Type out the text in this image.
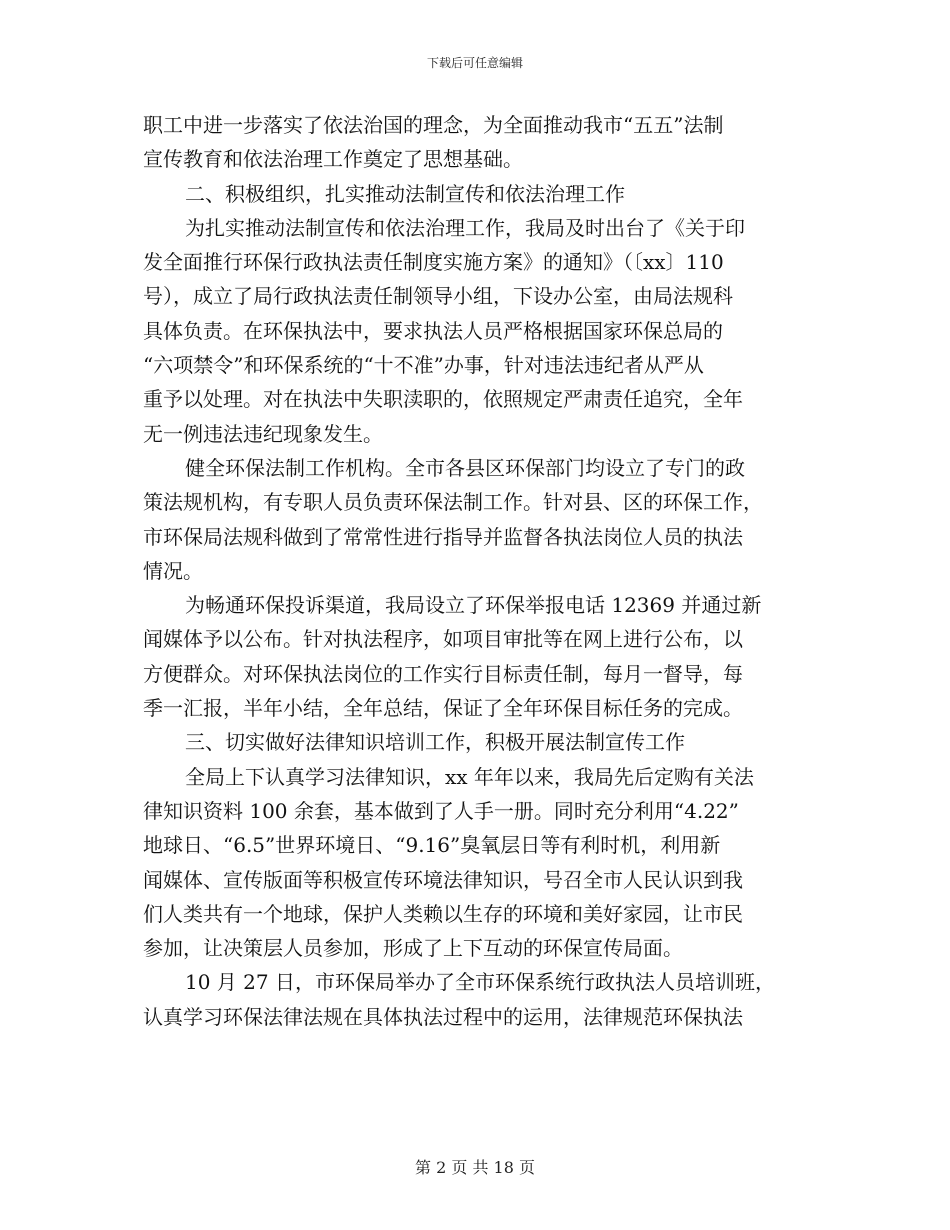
下载后可任意编辑
职工中进一步落实了依法治国的理念，为全面推动我市“五五”法制
宣传教育和依法治理工作奠定了思想基础。
二、积极组织，扎实推动法制宣传和依法治理工作
为扎实推动法制宣传和依法治理工作，我局及时出台了《关于印
发全面推行环保行政执法责任制度实施方案》的通知》（〔xx〕110
号），成立了局行政执法责任制领导小组，下设办公室，由局法规科
具体负责。在环保执法中，要求执法人员严格根据国家环保总局的
“六项禁令”和环保系统的“十不准”办事，针对违法违纪者从严从
重予以处理。对在执法中失职渎职的，依照规定严肃责任追究，全年
无一例违法违纪现象发生。
健全环保法制工作机构。全市各县区环保部门均设立了专门的政
策法规机构，有专职人员负责环保法制工作。针对县、区的环保工作，
市环保局法规科做到了常常性进行指导并监督各执法岗位人员的执法
情况。
为畅通环保投诉渠道，我局设立了环保举报电话 12369 并通过新
闻媒体予以公布。针对执法程序，如项目审批等在网上进行公布，以
方便群众。对环保执法岗位的工作实行目标责任制，每月一督导，每
季一汇报，半年小结，全年总结，保证了全年环保目标任务的完成。
三、切实做好法律知识培训工作，积极开展法制宣传工作
全局上下认真学习法律知识，xx 年年以来，我局先后定购有关法
律知识资料 100 余套，基本做到了人手一册。同时充分利用“4.22”
地球日、“6.5”世界环境日、“9.16”臭氧层日等有利时机，利用新
闻媒体、宣传版面等积极宣传环境法律知识，号召全市人民认识到我
们人类共有一个地球，保护人类赖以生存的环境和美好家园，让市民
参加，让决策层人员参加，形成了上下互动的环保宣传局面。
10 月 27 日，市环保局举办了全市环保系统行政执法人员培训班，
认真学习环保法律法规在具体执法过程中的运用，法律规范环保执法
第 2 页 共 18 页
